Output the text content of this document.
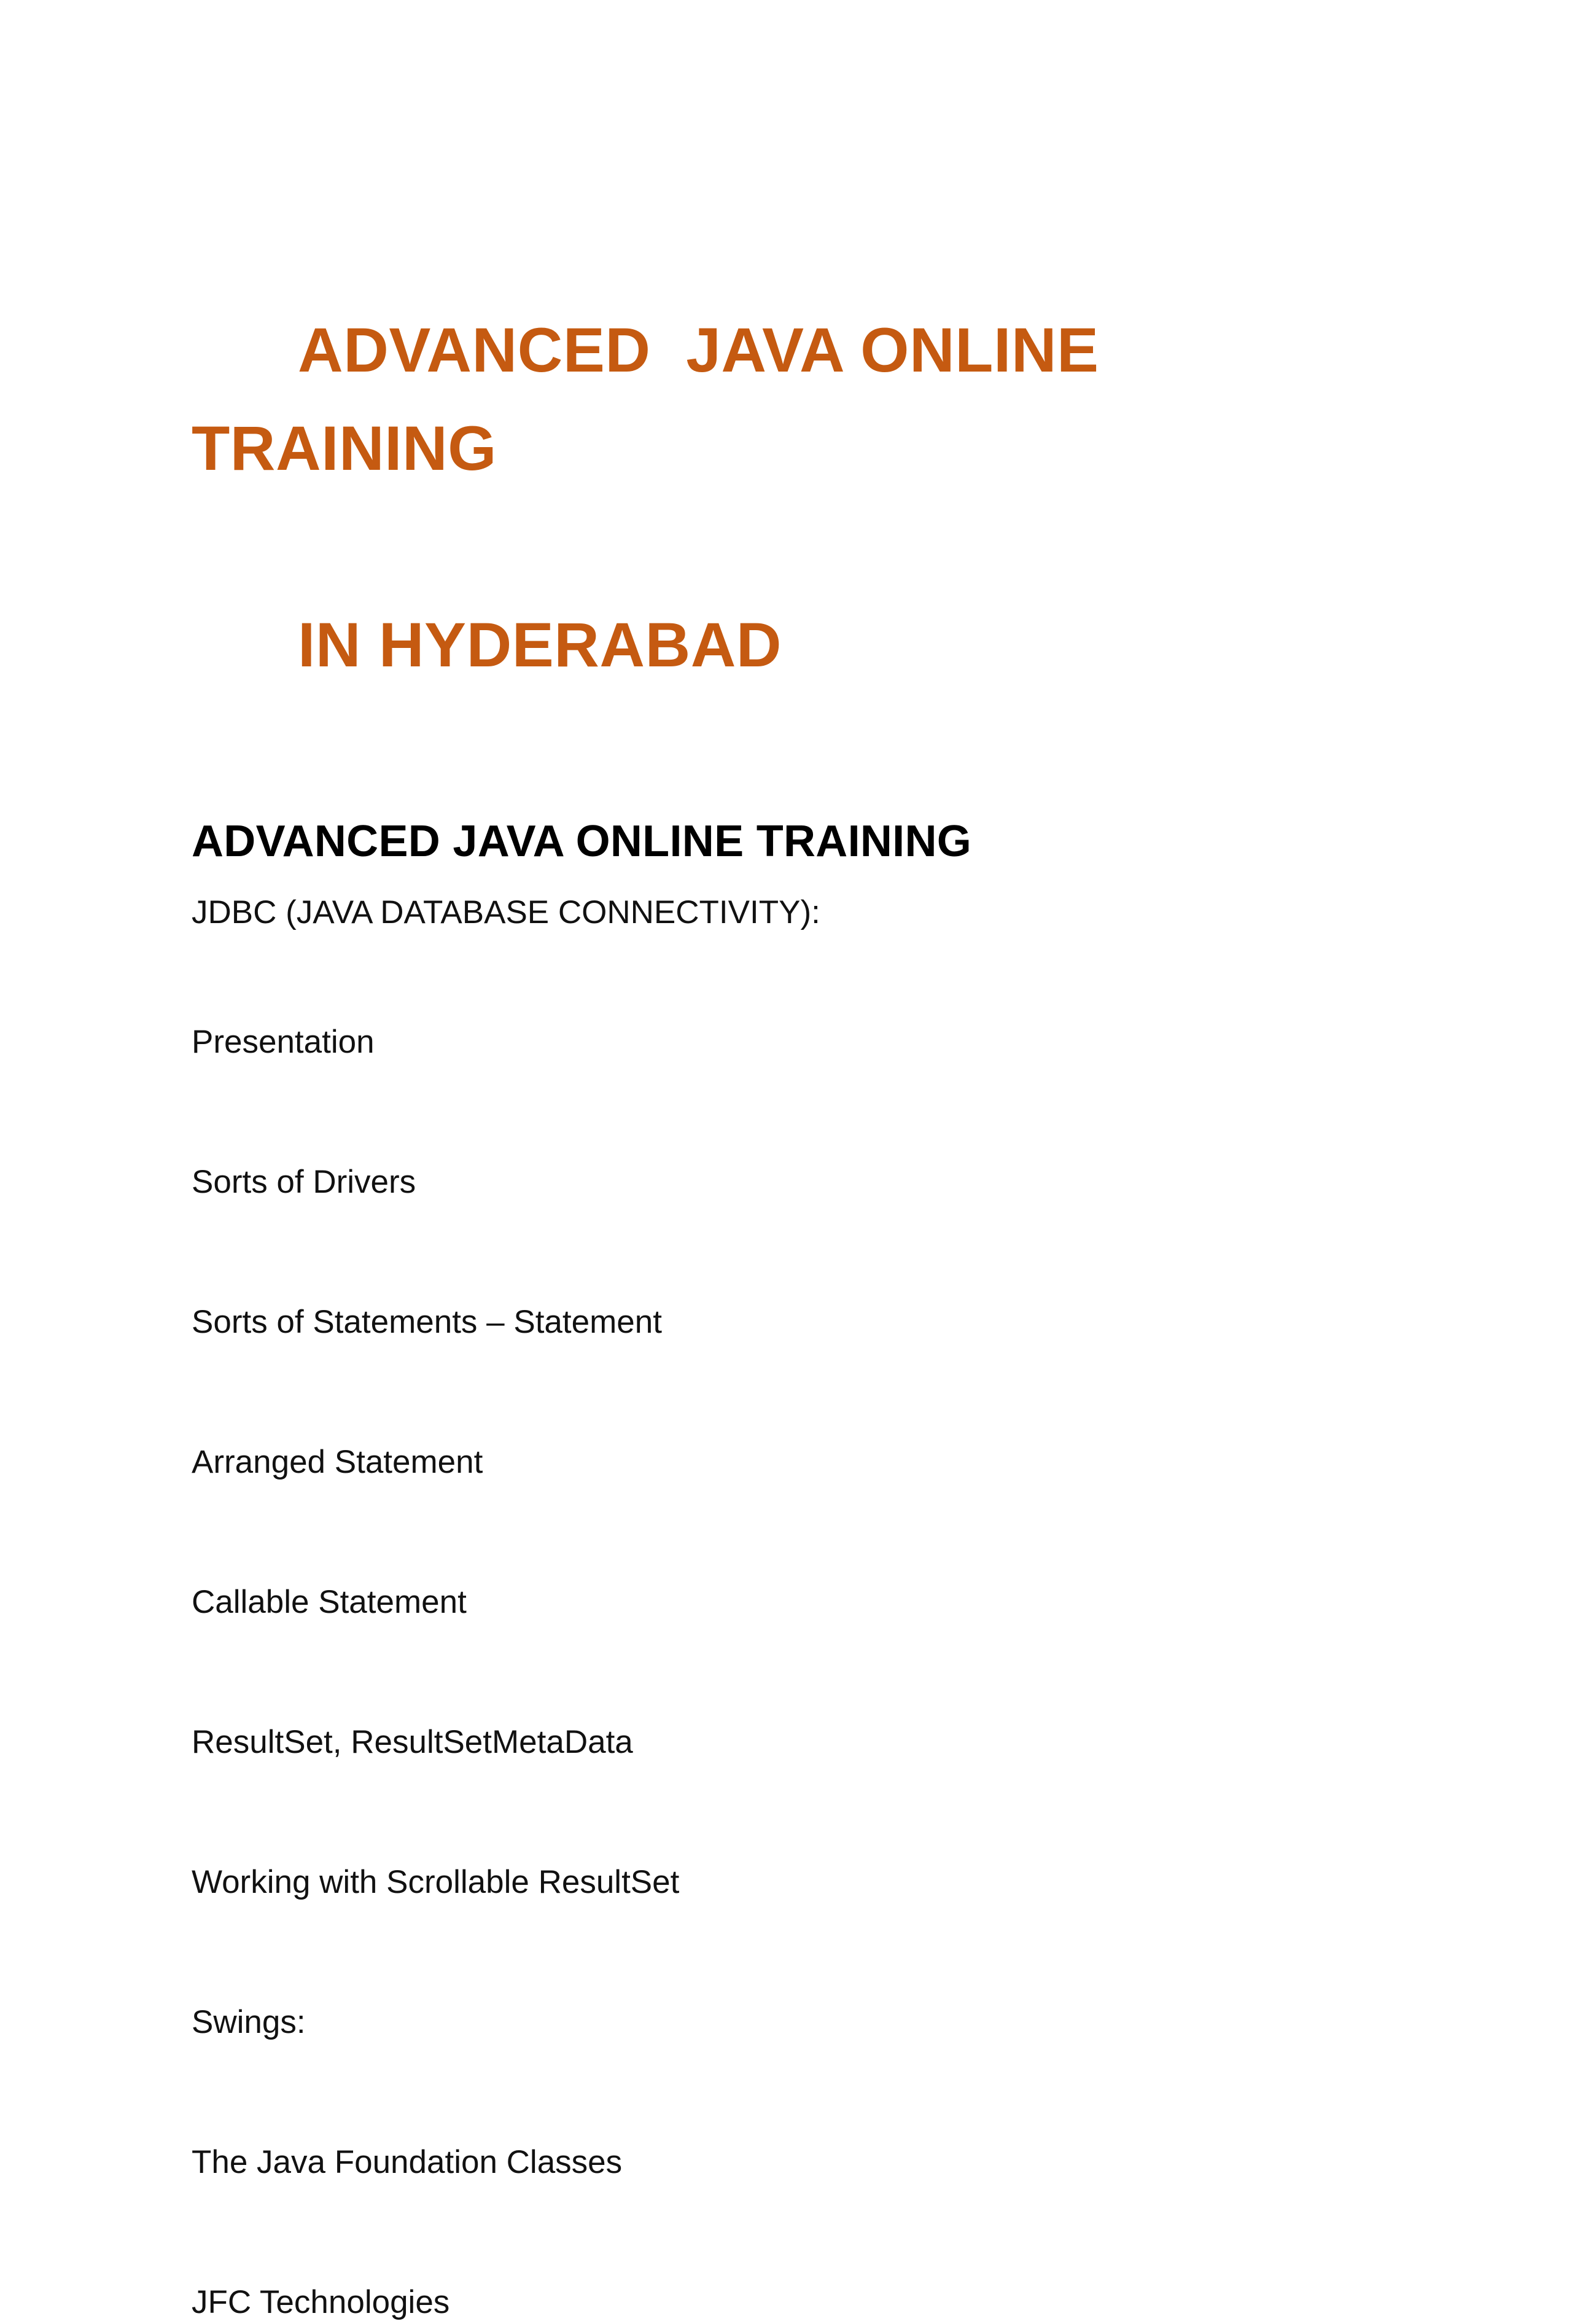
ADVANCED  JAVA ONLINE TRAINING

IN HYDERABAD

ADVANCED JAVA ONLINE TRAINING

JDBC (JAVA DATABASE CONNECTIVITY):

Presentation
Sorts of Drivers
Sorts of Statements – Statement
Arranged Statement
Callable Statement
ResultSet, ResultSetMetaData
Working with Scrollable ResultSet
Swings:
The Java Foundation Classes
JFC Technologies
